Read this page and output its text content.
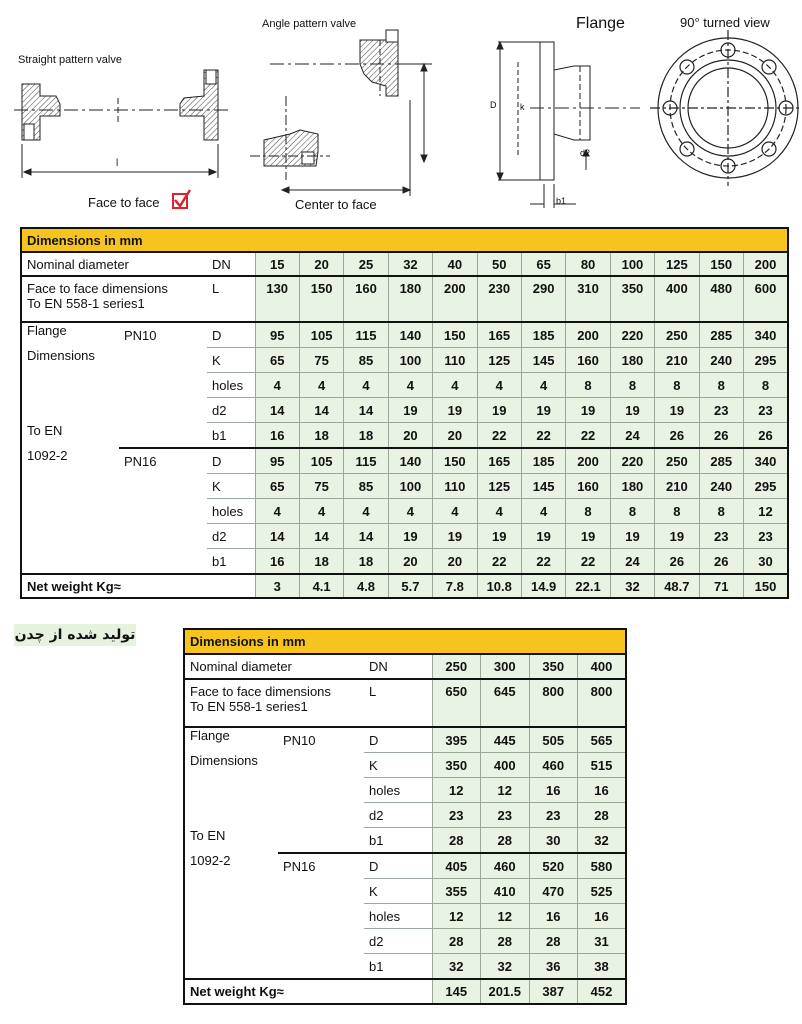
l
Straight pattern valve
Angle pattern valve	Flange	90° turned view
Face to face	Center to face
D	k
d2
b1
Dimensions in mm														
Nominal diameter		DN	15	20	25	32	40	50	65	80	100	125	150	200

Face to face dimensions
To EN 558-1 series1		L	130	150	160	180	200	230	290	310	350	400	480	600
Flange	PN10	D	95	105	115	140	150	165	185	200	220	250	285	340
Dimensions		K	65	75	85	100	110	125	145	160	180	210	240	295
		holes	4	4	4	4	4	4	4	8	8	8	8	8
		d2	14	14	14	19	19	19	19	19	19	19	23	23
To EN		b1	16	18	18	20	20	22	22	22	24	26	26	26
1092-2	PN16	D	95	105	115	140	150	165	185	200	220	250	285	340
		K	65	75	85	100	110	125	145	160	180	210	240	295
		holes	4	4	4	4	4	4	4	8	8	8	8	12
		d2	14	14	14	19	19	19	19	19	19	19	23	23
		b1	16	18	18	20	20	22	22	22	24	26	26	30
Net weight Kg≈			3	4.1	4.8	5.7	7.8	10.8	14.9	22.1	32	48.7	71	150
تولید شده از چدن	Dimensions in mm						
Nominal diameter		DN	250	300	350	400

Face to face dimensions
To EN 558-1 series1		L	650	645	800	800
Flange	PN10	D	395	445	505	565
Dimensions		K	350	400	460	515
		holes	12	12	16	16
		d2	23	23	23	28
To EN		b1	28	28	30	32
1092-2	PN16	D	405	460	520	580
		K	355	410	470	525
		holes	12	12	16	16
		d2	28	28	28	31
		b1	32	32	36	38
Net weight Kg≈			145	201.5	387	452
